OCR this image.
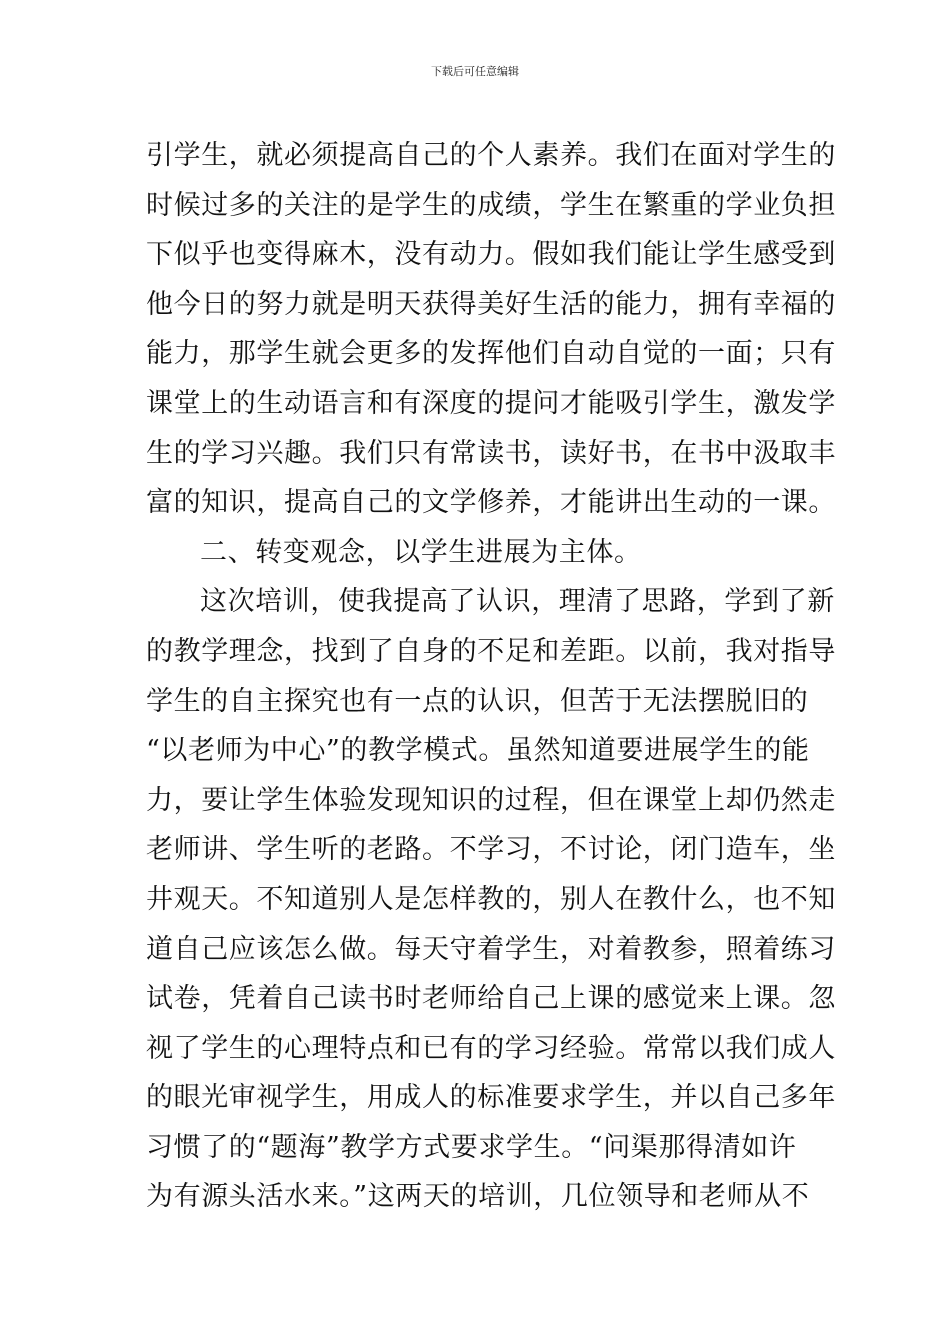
下载后可任意编辑
引学生，就必须提高自己的个人素养。我们在面对学生的
时候过多的关注的是学生的成绩，学生在繁重的学业负担
下似乎也变得麻木，没有动力。假如我们能让学生感受到
他今日的努力就是明天获得美好生活的能力，拥有幸福的
能力，那学生就会更多的发挥他们自动自觉的一面；只有
课堂上的生动语言和有深度的提问才能吸引学生，激发学
生的学习兴趣。我们只有常读书，读好书，在书中汲取丰
富的知识，提高自己的文学修养，才能讲出生动的一课。
二、转变观念，以学生进展为主体。
这次培训，使我提高了认识，理清了思路，学到了新
的教学理念，找到了自身的不足和差距。以前，我对指导
学生的自主探究也有一点的认识，但苦于无法摆脱旧的
“以老师为中心”的教学模式。虽然知道要进展学生的能
力，要让学生体验发现知识的过程，但在课堂上却仍然走
老师讲、学生听的老路。不学习，不讨论，闭门造车，坐
井观天。不知道别人是怎样教的，别人在教什么，也不知
道自己应该怎么做。每天守着学生，对着教参，照着练习
试卷，凭着自己读书时老师给自己上课的感觉来上课。忽
视了学生的心理特点和已有的学习经验。常常以我们成人
的眼光审视学生，用成人的标准要求学生，并以自己多年
习惯了的“题海”教学方式要求学生。“问渠那得清如许
为有源头活水来。”这两天的培训，几位领导和老师从不
